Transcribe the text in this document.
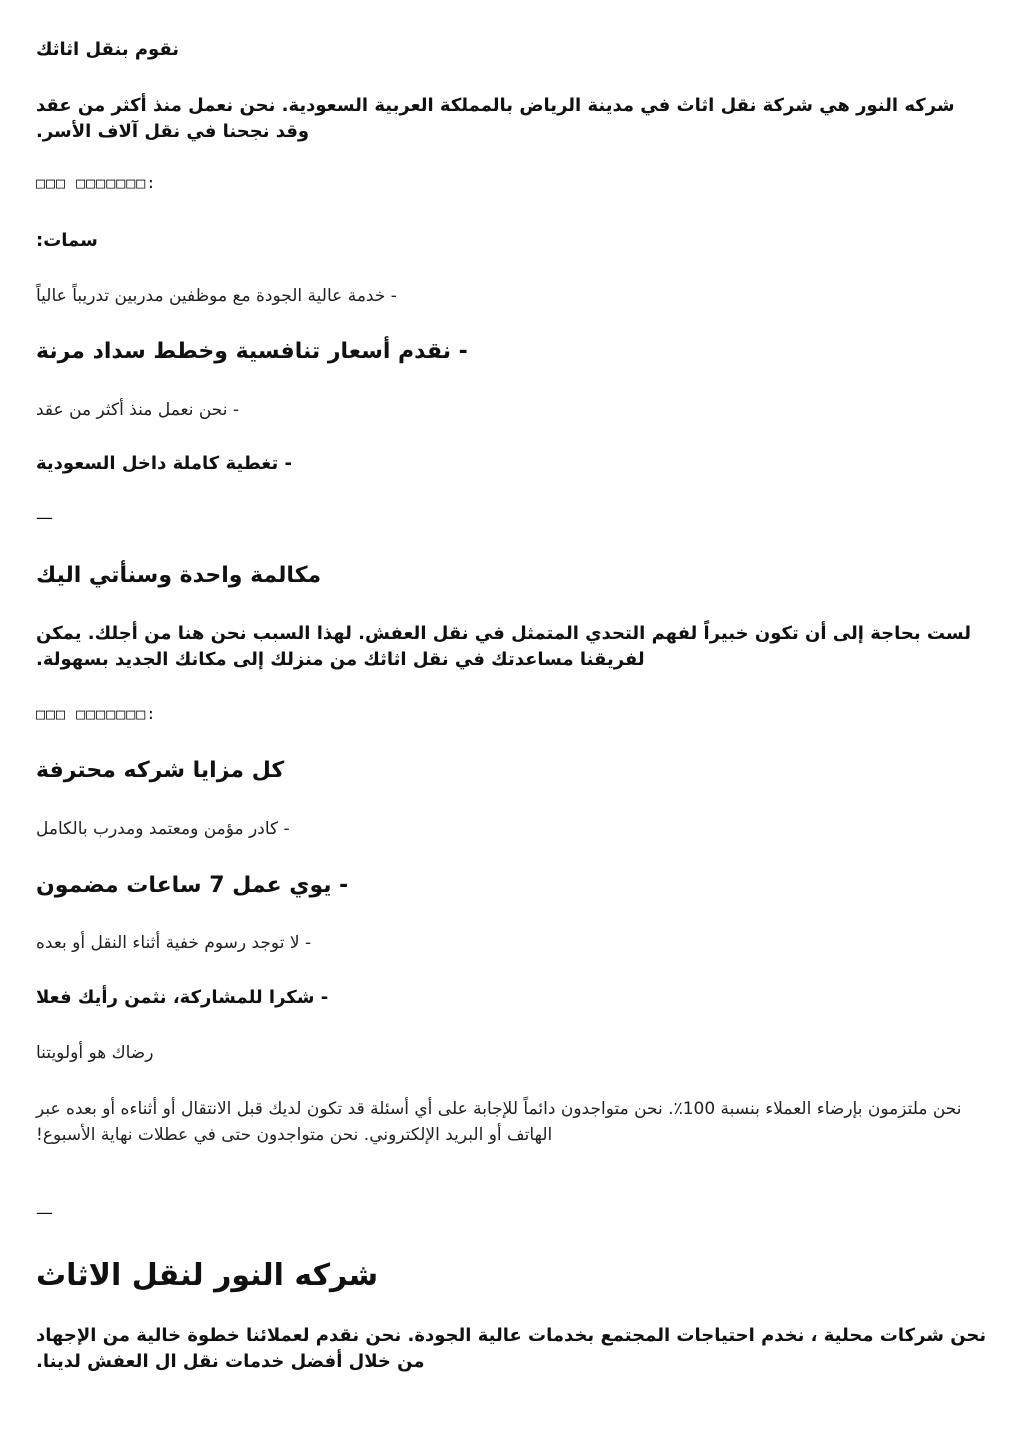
نقوم بنقل اثاثك

شركه النور هي شركة نقل اثاث في مدينة الرياض بالمملكة العربية السعودية. نحن نعمل منذ أكثر من عقد وقد نجحنا في نقل آلاف الأسر.

□□□ □□□□□□□:

سمات:

- خدمة عالية الجودة مع موظفين مدربين تدريباً عالياً

- نقدم أسعار تنافسية وخطط سداد مرنة

- نحن نعمل منذ أكثر من عقد

- تغطية كاملة داخل السعودية

—

مكالمة واحدة وسنأتي اليك

لست بحاجة إلى أن تكون خبيراً لفهم التحدي المتمثل في نقل العفش. لهذا السبب نحن هنا من أجلك. يمكن لفريقنا مساعدتك في نقل اثاثك من منزلك إلى مكانك الجديد بسهولة.

□□□ □□□□□□□:

كل مزايا شركه محترفة

- كادر مؤمن ومعتمد ومدرب بالكامل

- يوي عمل 7 ساعات مضمون

- لا توجد رسوم خفية أثناء النقل أو بعده

- شكرا للمشاركة، نثمن رأيك فعلا

رضاك هو أولويتنا

نحن ملتزمون بإرضاء العملاء بنسبة 100٪. نحن متواجدون دائماً للإجابة على أي أسئلة قد تكون لديك قبل الانتقال أو أثناءه أو بعده عبر الهاتف أو البريد الإلكتروني. نحن متواجدون حتى في عطلات نهاية الأسبوع!

—

شركه النور لنقل الاثاث

نحن شركات محلية ، نخدم احتياجات المجتمع بخدمات عالية الجودة. نحن نقدم لعملائنا خطوة خالية من الإجهاد من خلال أفضل خدمات نقل ال العفش لدينا.
